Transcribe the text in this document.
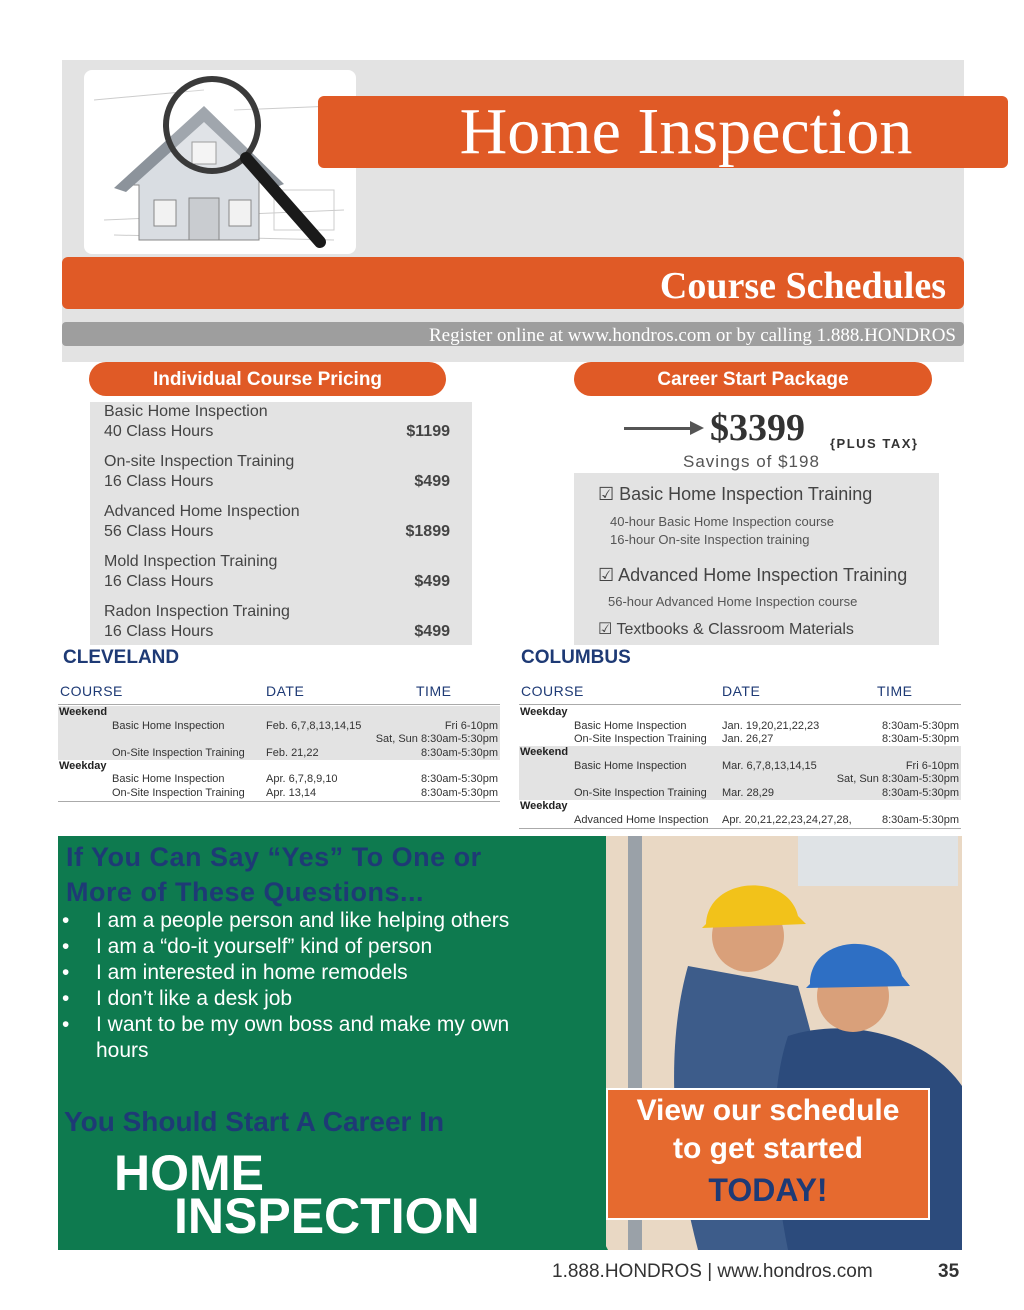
Home Inspection
Course Schedules
Register online at www.hondros.com or by calling 1.888.HONDROS
Individual Course Pricing	Career Start Package
Basic Home Inspection
40 Class Hours	$1199
On-site Inspection Training
16 Class Hours	$499
Advanced Home Inspection
56 Class Hours	$1899
Mold Inspection Training
16 Class Hours	$499
Radon Inspection Training
16 Class Hours	$499
$3399 {PLUS TAX}
Savings of $198
☑ Basic Home Inspection Training
40-hour Basic Home Inspection course
16-hour On-site Inspection training
☑ Advanced Home Inspection Training
56-hour Advanced Home Inspection course
☑ Textbooks & Classroom Materials
CLEVELAND
COURSE	DATE	TIME
Weekend
Basic Home Inspection	Feb. 6,7,8,13,14,15	Fri 6-10pm
Sat, Sun 8:30am-5:30pm
On-Site Inspection Training Feb. 21,22	8:30am-5:30pm
Weekday
Basic Home Inspection	Apr. 6,7,8,9,10	8:30am-5:30pm
On-Site Inspection Training Apr. 13,14	8:30am-5:30pm
COLUMBUS
COURSE	DATE	TIME
Weekday
Basic Home Inspection	Jan. 19,20,21,22,23	8:30am-5:30pm
On-Site Inspection Training Jan. 26,27	8:30am-5:30pm
Weekend
Basic Home Inspection	Mar. 6,7,8,13,14,15	Fri 6-10pm
Sat, Sun 8:30am-5:30pm
On-Site Inspection Training Mar. 28,29	8:30am-5:30pm
Weekday
Advanced Home Inspection Apr. 20,21,22,23,24,27,28,	8:30am-5:30pm
If You Can Say “Yes” To One or More of These Questions...
• I am a people person and like helping others
• I am a “do-it yourself” kind of person
• I am interested in home remodels
• I don’t like a desk job
• I want to be my own boss and make my own hours
You Should Start A Career In
HOME
INSPECTION
View our schedule
to get started
TODAY!
1.888.HONDROS | www.hondros.com	35
